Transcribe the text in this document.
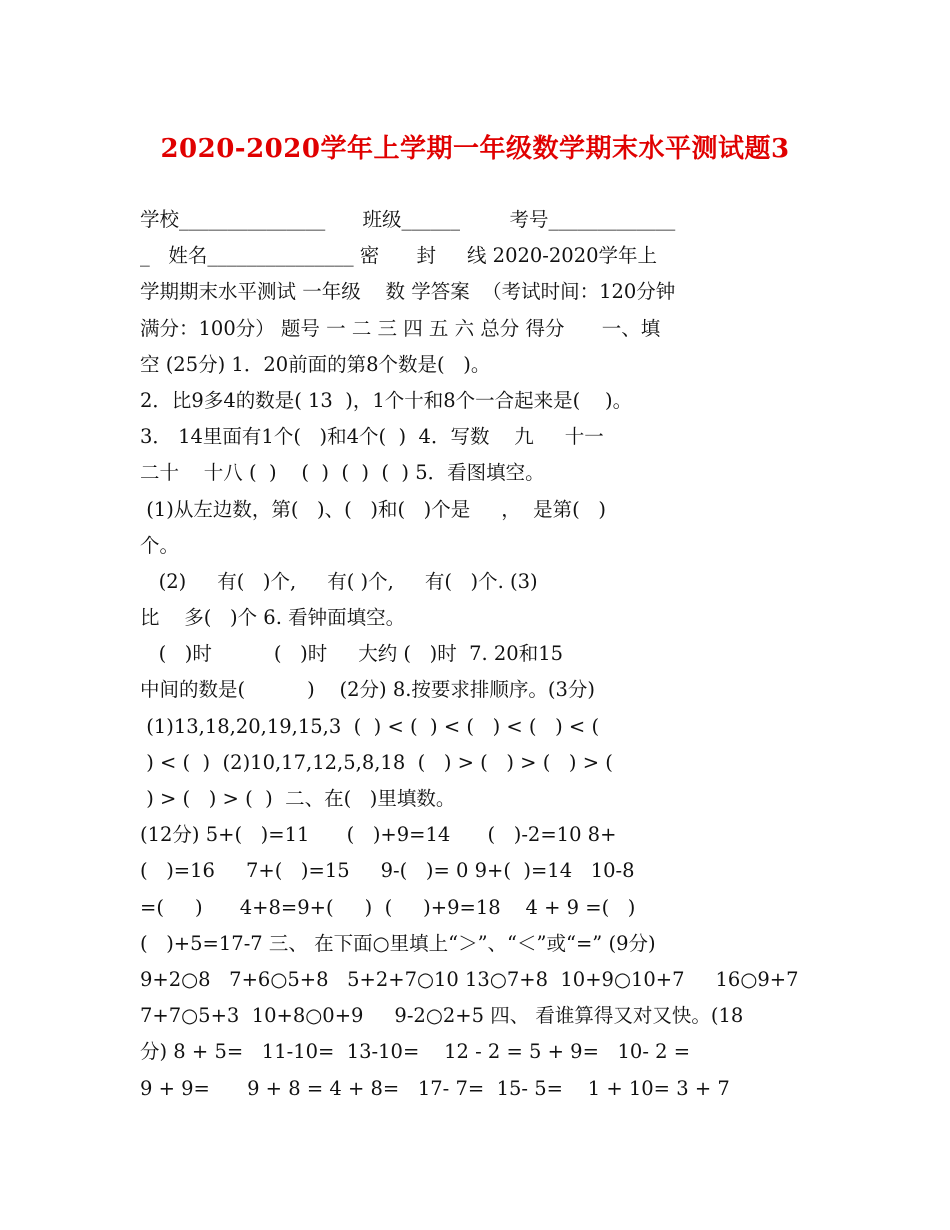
2020-2020学年上学期一年级数学期末水平测试题3
学校_______________      班级______        考号_____________
_   姓名_______________ 密      封     线 2020-2020学年上
学期期末水平测试 一年级    数 学答案  （考试时间：120分钟
满分：100分） 题号 一 二 三 四 五 六 总分 得分      一、填
空 (25分) 1．20前面的第8个数是(   )。
2．比9多4的数是( 13  )，1个十和8个一合起来是(    )。
3． 14里面有1个(   )和4个(  )  4．写数    九     十一
二十    十八 (  )    (  )  (  )  (  ) 5．看图填空。
(1)从左边数，第(   )、(   )和(   )个是     ，  是第(   )
个。
(2)     有(   )个,     有( )个,     有(   )个. (3)
比    多(   )个 6. 看钟面填空。
(   )时          (   )时     大约 (   )时  7. 20和15
中间的数是(          )    (2分) 8.按要求排顺序。(3分)
(1)13,18,20,19,15,3  (  ) < (  ) < (   ) < (   ) < (
) < (  )  (2)10,17,12,5,8,18  (   ) > (   ) > (   ) > (
) > (   ) > (  )  二、在(   )里填数。
(12分) 5+(   )=11      (   )+9=14      (   )-2=10 8+
(   )=16     7+(   )=15     9-(   )= 0 9+(  )=14   10-8
=(     )      4+8=9+(     )  (     )+9=18    4 + 9 =(   )
(   )+5=17-7 三、 在下面○里填上“＞”、“＜”或“=” (9分)
9+2○8   7+6○5+8   5+2+7○10 13○7+8  10+9○10+7     16○9+7
7+7○5+3  10+8○0+9     9-2○2+5 四、 看谁算得又对又快。(18
分) 8 + 5=   11-10=  13-10=    12 - 2 = 5 + 9=   10- 2 =
9 + 9=      9 + 8 = 4 + 8=   17- 7=  15- 5=    1 + 10= 3 + 7
